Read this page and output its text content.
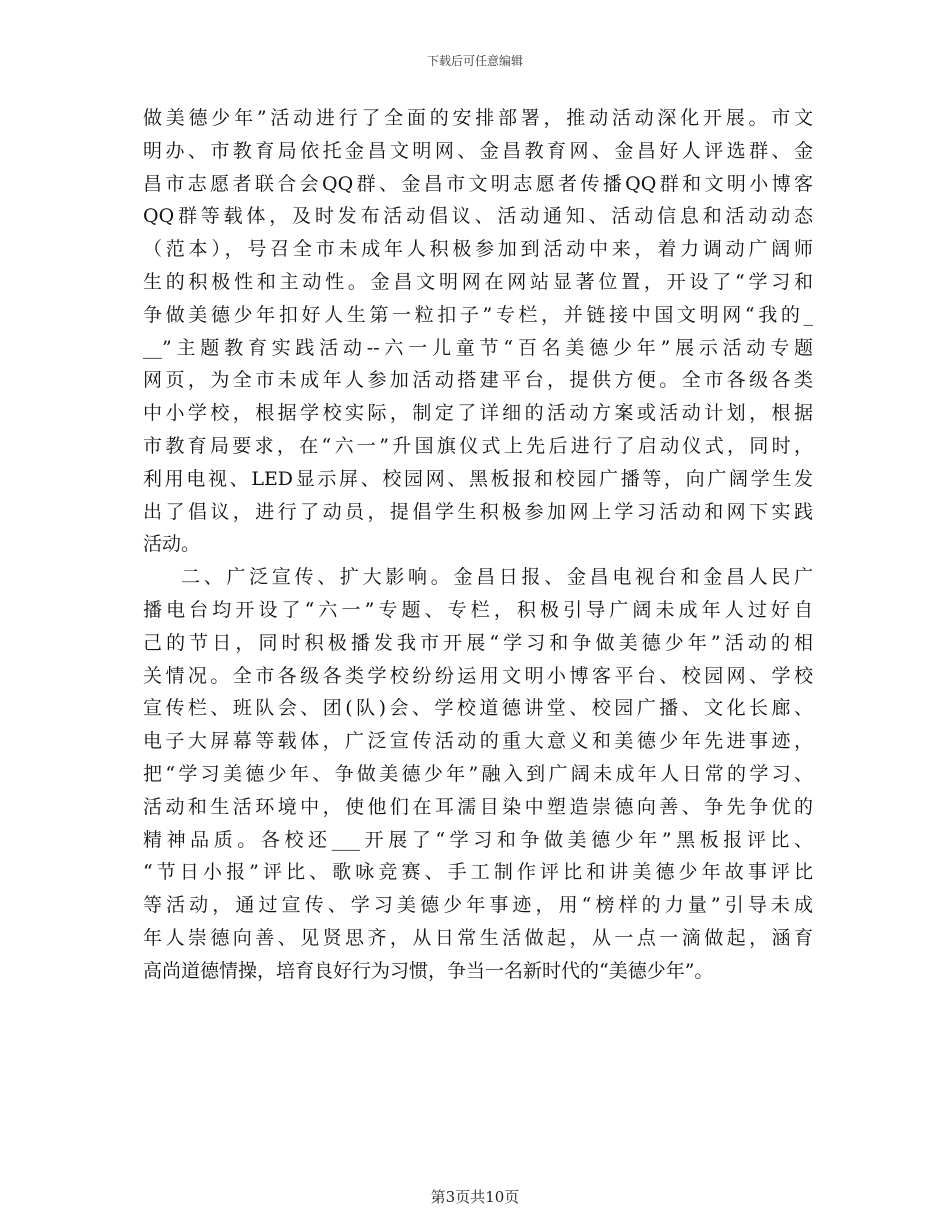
下载后可任意编辑
做美德少年”活动进行了全面的安排部署，推动活动深化开展。市文
明办、市教育局依托金昌文明网、金昌教育网、金昌好人评选群、金
昌市志愿者联合会QQ群、金昌市文明志愿者传播QQ群和文明小博客
QQ群等载体，及时发布活动倡议、活动通知、活动信息和活动动态
（范本），号召全市未成年人积极参加到活动中来，着力调动广阔师
生的积极性和主动性。金昌文明网在网站显著位置，开设了“学习和
争做美德少年扣好人生第一粒扣子”专栏，并链接中国文明网“我的_
__”主题教育实践活动--六一儿童节“百名美德少年”展示活动专题
网页，为全市未成年人参加活动搭建平台，提供方便。全市各级各类
中小学校，根据学校实际，制定了详细的活动方案或活动计划，根据
市教育局要求，在“六一”升国旗仪式上先后进行了启动仪式，同时，
利用电视、LED显示屏、校园网、黑板报和校园广播等，向广阔学生发
出了倡议，进行了动员，提倡学生积极参加网上学习活动和网下实践
活动。
二、广泛宣传、扩大影响。金昌日报、金昌电视台和金昌人民广
播电台均开设了“六一”专题、专栏，积极引导广阔未成年人过好自
己的节日，同时积极播发我市开展“学习和争做美德少年”活动的相
关情况。全市各级各类学校纷纷运用文明小博客平台、校园网、学校
宣传栏、班队会、团(队)会、学校道德讲堂、校园广播、文化长廊、
电子大屏幕等载体，广泛宣传活动的重大意义和美德少年先进事迹，
把“学习美德少年、争做美德少年”融入到广阔未成年人日常的学习、
活动和生活环境中，使他们在耳濡目染中塑造崇德向善、争先争优的
精神品质。各校还___开展了“学习和争做美德少年”黑板报评比、
“节日小报”评比、歌咏竞赛、手工制作评比和讲美德少年故事评比
等活动，通过宣传、学习美德少年事迹，用“榜样的力量”引导未成
年人崇德向善、见贤思齐，从日常生活做起，从一点一滴做起，涵育
高尚道德情操，培育良好行为习惯，争当一名新时代的“美德少年”。
第3页共10页
